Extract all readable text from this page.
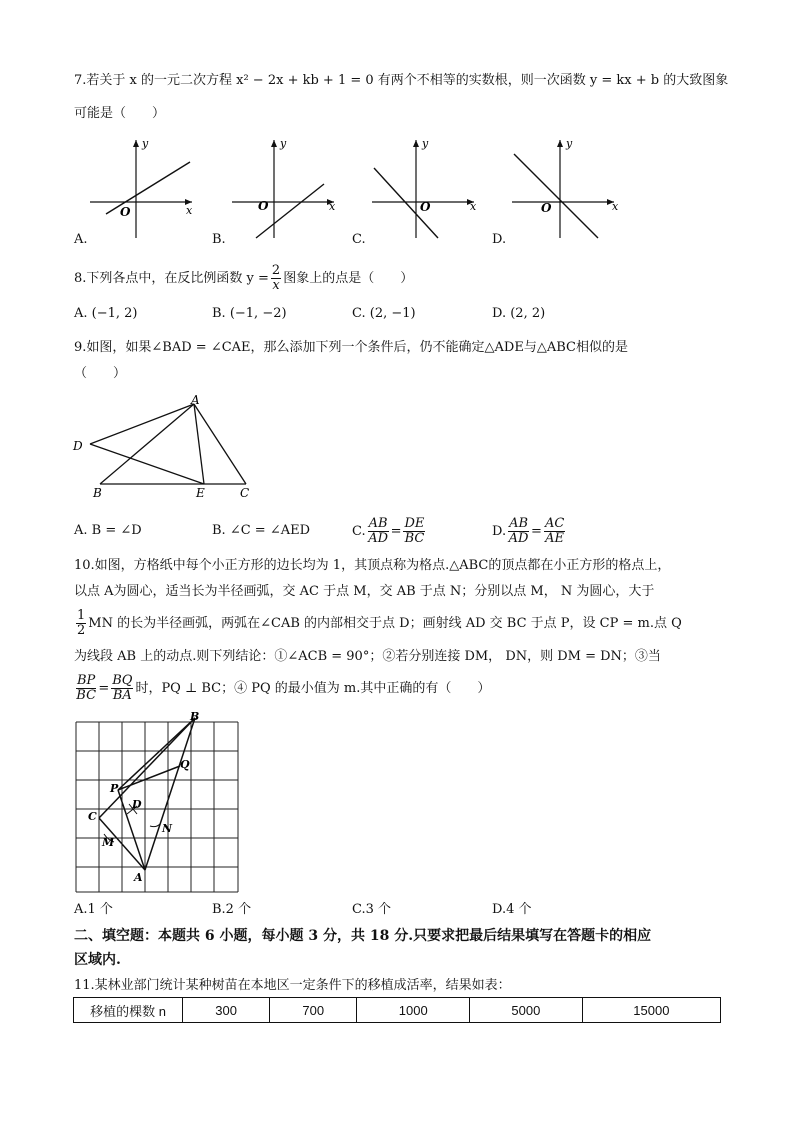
7.若关于 x 的一元二次方程 x² − 2x + kb + 1 = 0 有两个不相等的实数根，则一次函数 y = kx + b 的大致图象
可能是（　　）
y
x
O
A.
y
x
O
B.
y
x
O
C.
y
x
O
D.
8.下列各点中，在反比例函数 $y = \frac{2}{x}$ 图象上的点是（　　）
A. (−1, 2)	B. (−1, −2)	C. (2, −1)	D. (2, 2)
9.如图，如果∠BAD = ∠CAE，那么添加下列一个条件后，仍不能确定△ADE与△ABC相似的是
（　　）
A
D
B	E	C
A. B = ∠D	B. ∠C = ∠AED	C. $\frac{AB}{AD} = \frac{DE}{BC}$	D. $\frac{AB}{AD} = \frac{AC}{AE}$
10.如图，方格纸中每个小正方形的边长均为 1，其顶点称为格点.△ABC的顶点都在小正方形的格点上，
以点 A为圆心，适当长为半径画弧，交 AC 于点 M，交 AB 于点 N；分别以点 M， N 为圆心，大于
$\frac{1}{2}$ MN 的长为半径画弧，两弧在∠CAB 的内部相交于点 D；画射线 AD 交 BC 于点 P，设 CP = m.点 Q
为线段 AB 上的动点.则下列结论：①∠ACB = 90°；②若分别连接 DM， DN，则 DM = DN；③当
$\frac{BP}{BC} = \frac{BQ}{BA}$ 时，PQ ⊥ BC；④ PQ 的最小值为 m.其中正确的有（　　）
B
C
A
P
Q
D
M
N
A.1 个	B.2 个	C.3 个	D.4 个
二、填空题：本题共 6 小题，每小题 3 分，共 18 分.只要求把最后结果填写在答题卡的相应
区域内.
11.某林业部门统计某种树苗在本地区一定条件下的移植成活率，结果如表：
移植的棵数 n	300	700	1000	5000	15000
